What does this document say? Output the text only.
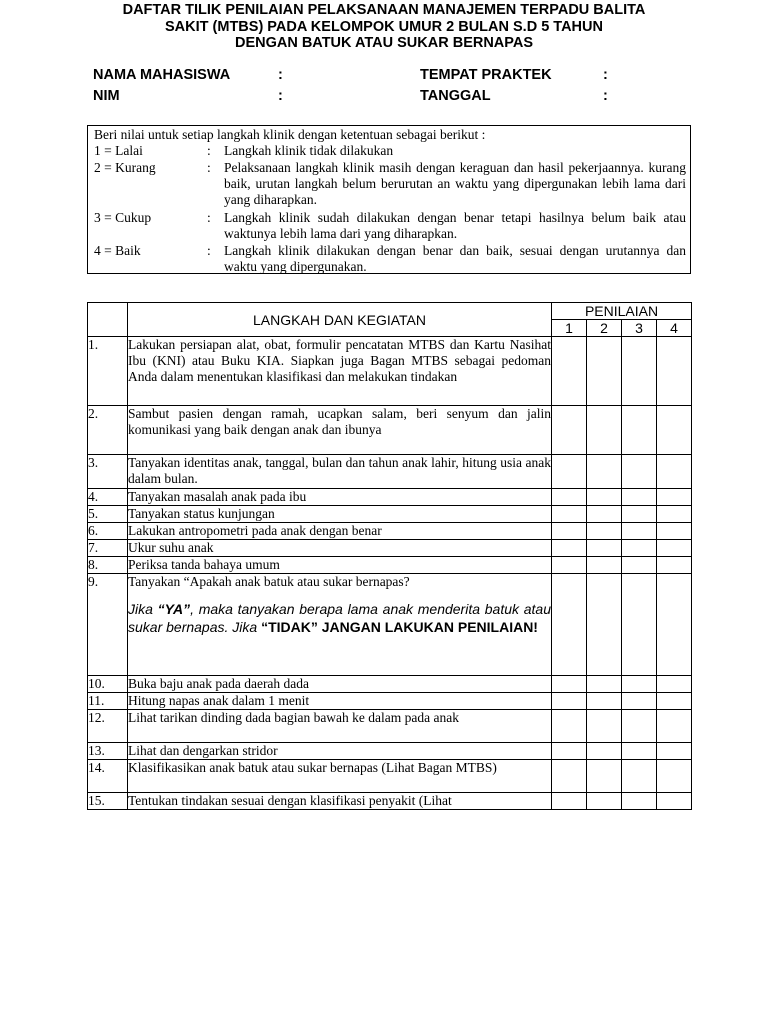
DAFTAR TILIK PENILAIAN PELAKSANAAN MANAJEMEN TERPADU BALITA
SAKIT (MTBS) PADA KELOMPOK UMUR 2 BULAN S.D 5 TAHUN
DENGAN BATUK ATAU SUKAR BERNAPAS
NAMA MAHASISWA	:	TEMPAT PRAKTEK	:
NIM	:	TANGGAL	:
Beri nilai untuk setiap langkah klinik dengan ketentuan sebagai berikut :
1 = Lalai	: Langkah klinik tidak dilakukan
2 = Kurang	: Pelaksanaan langkah klinik masih dengan keraguan dan hasil pekerjaannya. kurang baik, urutan langkah belum berurutan an waktu yang dipergunakan lebih lama dari yang diharapkan.
3 = Cukup	: Langkah klinik sudah dilakukan dengan benar tetapi hasilnya belum baik atau waktunya lebih lama dari yang diharapkan.
4 = Baik	: Langkah klinik dilakukan dengan benar dan baik, sesuai dengan urutannya dan waktu yang dipergunakan.
	LANGKAH DAN KEGIATAN	PENILAIAN			
		1	2	3	4
1.	Lakukan persiapan alat, obat, formulir pencatatan MTBS dan Kartu Nasihat Ibu (KNI) atau Buku KIA. Siapkan juga Bagan MTBS sebagai pedoman Anda dalam menentukan klasifikasi dan melakukan tindakan				

2.	Sambut pasien dengan ramah, ucapkan salam, beri senyum dan jalin komunikasi yang baik dengan anak dan ibunya				

3.	Tanyakan identitas anak, tanggal, bulan dan tahun anak lahir, hitung usia anak dalam bulan.				

4.	Tanyakan masalah anak pada ibu				

5.	Tanyakan status kunjungan				

6.	Lakukan antropometri pada anak dengan benar				

7.	Ukur suhu anak				

8.	Periksa tanda bahaya umum				

9.	Tanyakan “Apakah anak batuk atau sukar bernapas?
Jika “YA”, maka tanyakan berapa lama anak menderita batuk atau sukar bernapas. Jika “TIDAK” JANGAN LAKUKAN PENILAIAN!				

10.	Buka baju anak pada daerah dada				

11.	Hitung napas anak dalam 1 menit				

12.	Lihat tarikan dinding dada bagian bawah ke dalam pada anak				

13.	Lihat dan dengarkan stridor				

14.	Klasifikasikan anak batuk atau sukar bernapas (Lihat Bagan MTBS)				

15.	Tentukan tindakan sesuai dengan klasifikasi penyakit (Lihat				
